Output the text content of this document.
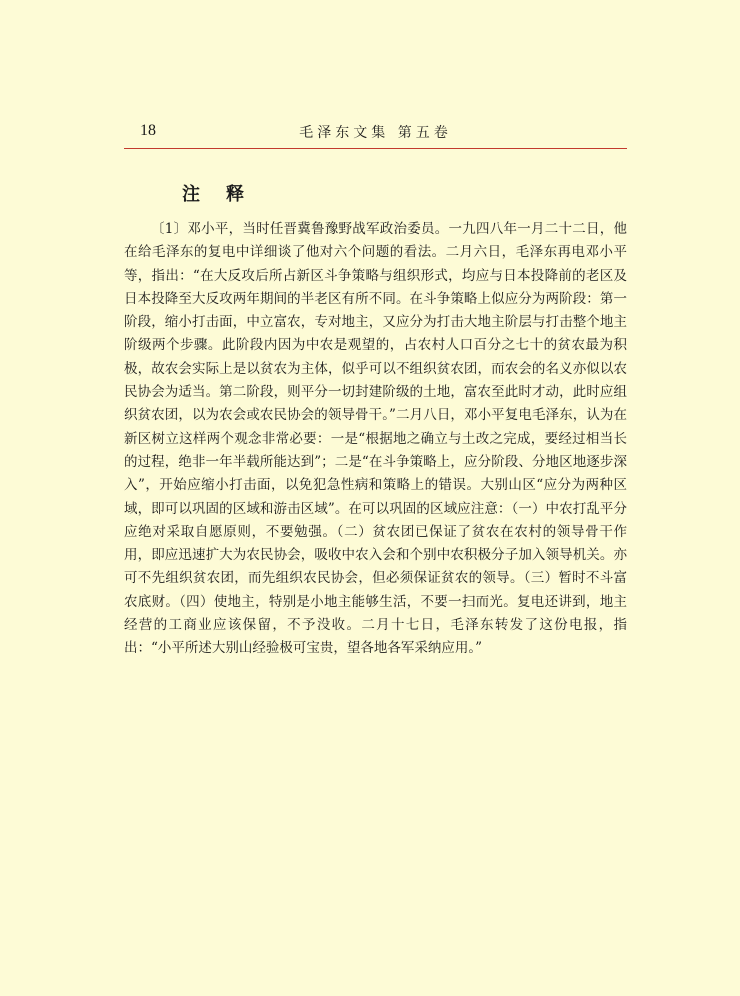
18	毛泽东文集 第五卷
注释

〔1〕邓小平，当时任晋冀鲁豫野战军政治委员。一九四八年一月二十二日，他在给毛泽东的复电中详细谈了他对六个问题的看法。二月六日，毛泽东再电邓小平等，指出：“在大反攻后所占新区斗争策略与组织形式，均应与日本投降前的老区及日本投降至大反攻两年期间的半老区有所不同。在斗争策略上似应分为两阶段：第一阶段，缩小打击面，中立富农，专对地主，又应分为打击大地主阶层与打击整个地主阶级两个步骤。此阶段内因为中农是观望的，占农村人口百分之七十的贫农最为积极，故农会实际上是以贫农为主体，似乎可以不组织贫农团，而农会的名义亦似以农民协会为适当。第二阶段，则平分一切封建阶级的土地，富农至此时才动，此时应组织贫农团，以为农会或农民协会的领导骨干。”二月八日，邓小平复电毛泽东，认为在新区树立这样两个观念非常必要：一是“根据地之确立与土改之完成，要经过相当长的过程，绝非一年半载所能达到”；二是“在斗争策略上，应分阶段、分地区地逐步深入”，开始应缩小打击面，以免犯急性病和策略上的错误。大别山区“应分为两种区域，即可以巩固的区域和游击区域”。在可以巩固的区域应注意：（一）中农打乱平分应绝对采取自愿原则，不要勉强。（二）贫农团已保证了贫农在农村的领导骨干作用，即应迅速扩大为农民协会，吸收中农入会和个别中农积极分子加入领导机关。亦可不先组织贫农团，而先组织农民协会，但必须保证贫农的领导。（三）暂时不斗富农底财。（四）使地主，特别是小地主能够生活，不要一扫而光。复电还讲到，地主经营的工商业应该保留，不予没收。二月十七日，毛泽东转发了这份电报，指出：“小平所述大别山经验极可宝贵，望各地各军采纳应用。”
